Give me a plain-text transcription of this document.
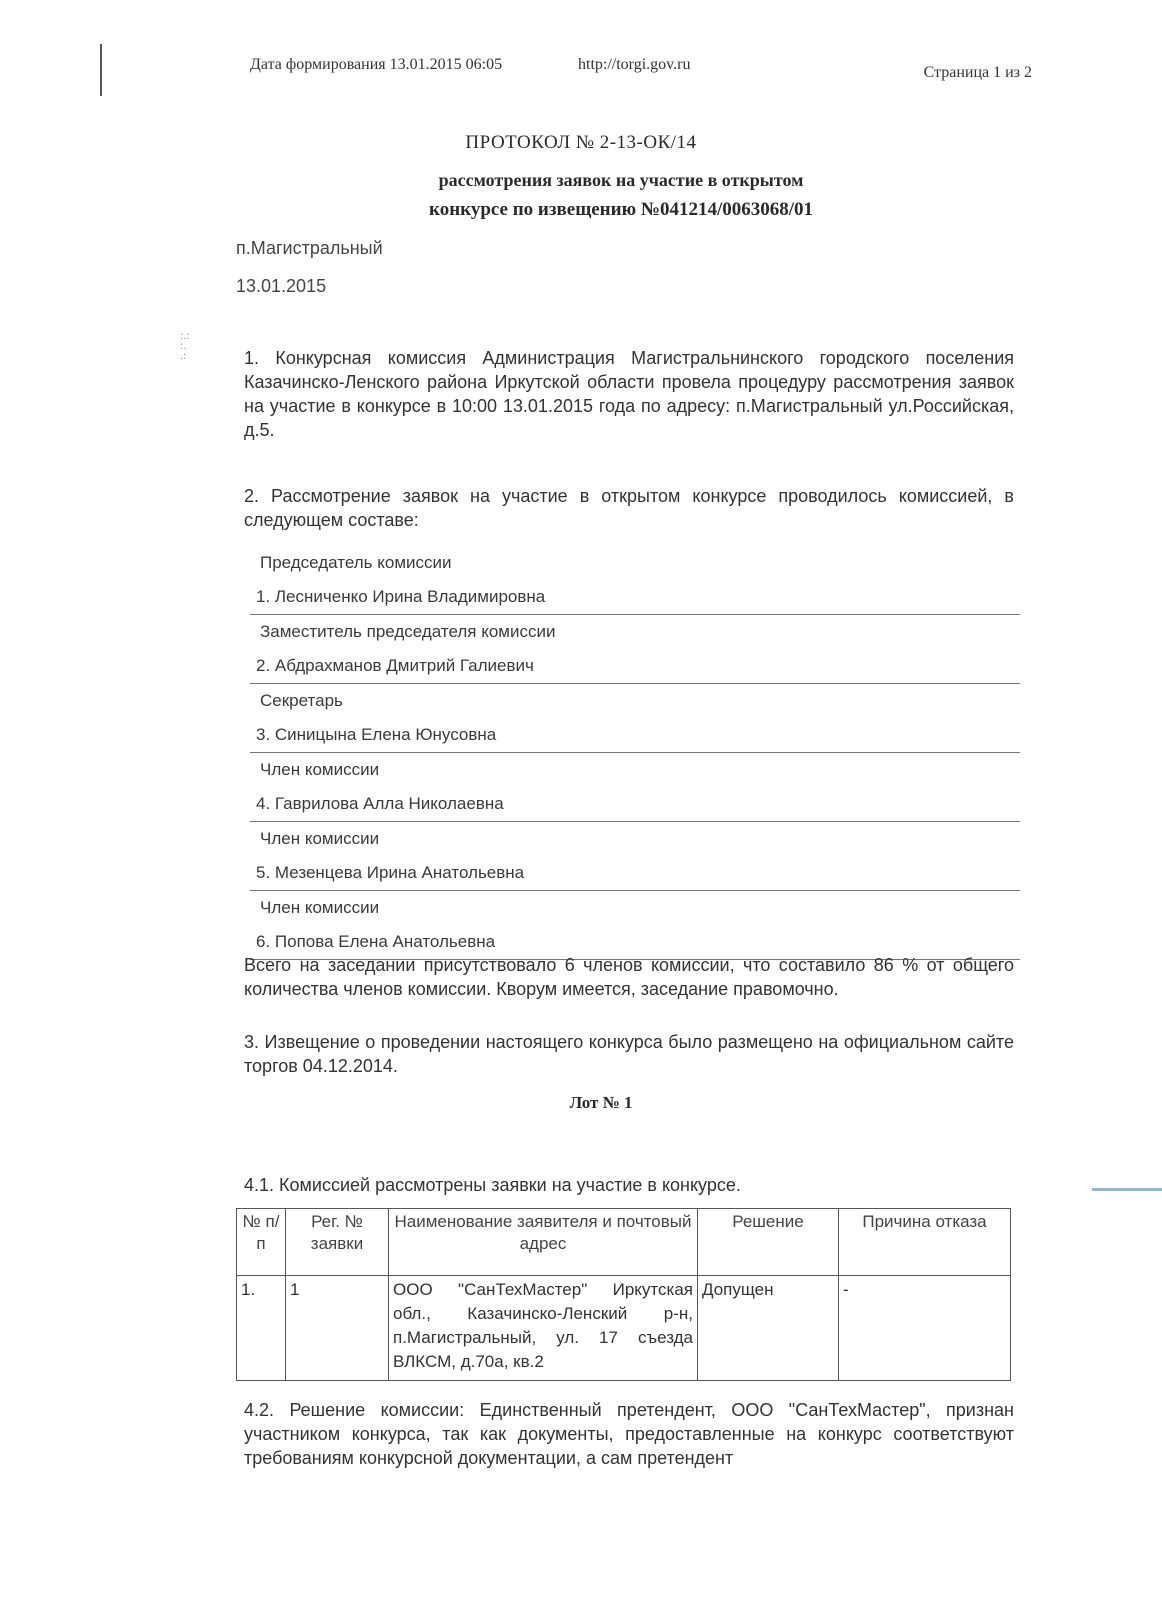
:.:
:.
.:
Дата формирования 13.01.2015 06:05	http://torgi.gov.ru	Страница 1 из 2
ПРОТОКОЛ № 2-13-ОК/14
рассмотрения заявок на участие в открытом
конкурсе по извещению №041214/0063068/01
п.Магистральный
13.01.2015
1. Конкурсная комиссия Администрация Магистральнинского городского поселения Казачинско-Ленского района Иркутской области провела процедуру рассмотрения заявок на участие в конкурсе в 10:00 13.01.2015 года по адресу: п.Магистральный ул.Российская, д.5.
2. Рассмотрение заявок на участие в открытом конкурсе проводилось комиссией, в следующем составе:
Председатель комиссии
1. Лесниченко Ирина Владимировна
Заместитель председателя комиссии
2. Абдрахманов Дмитрий Галиевич
Секретарь
3. Синицына Елена Юнусовна
Член комиссии
4. Гаврилова Алла Николаевна
Член комиссии
5. Мезенцева Ирина Анатольевна
Член комиссии
6. Попова Елена Анатольевна
Всего на заседании присутствовало 6 членов комиссии, что составило 86 % от общего количества членов комиссии. Кворум имеется, заседание правомочно.
3. Извещение о проведении настоящего конкурса было размещено на официальном сайте торгов 04.12.2014.
Лот № 1
4.1. Комиссией рассмотрены заявки на участие в конкурсе.
№ п/п	Рег. № заявки	Наименование заявителя и почтовый адрес	Решение	Причина отказа
1.	1	ООО "СанТехМастер" Иркутская обл., Казачинско-Ленский р-н, п.Магистральный, ул. 17 съезда ВЛКСМ, д.70а, кв.2	Допущен	-
4.2. Решение комиссии: Единственный претендент, ООО "СанТехМастер", признан участником конкурса, так как документы, предоставленные на конкурс соответствуют требованиям конкурсной документации, а сам претендент
